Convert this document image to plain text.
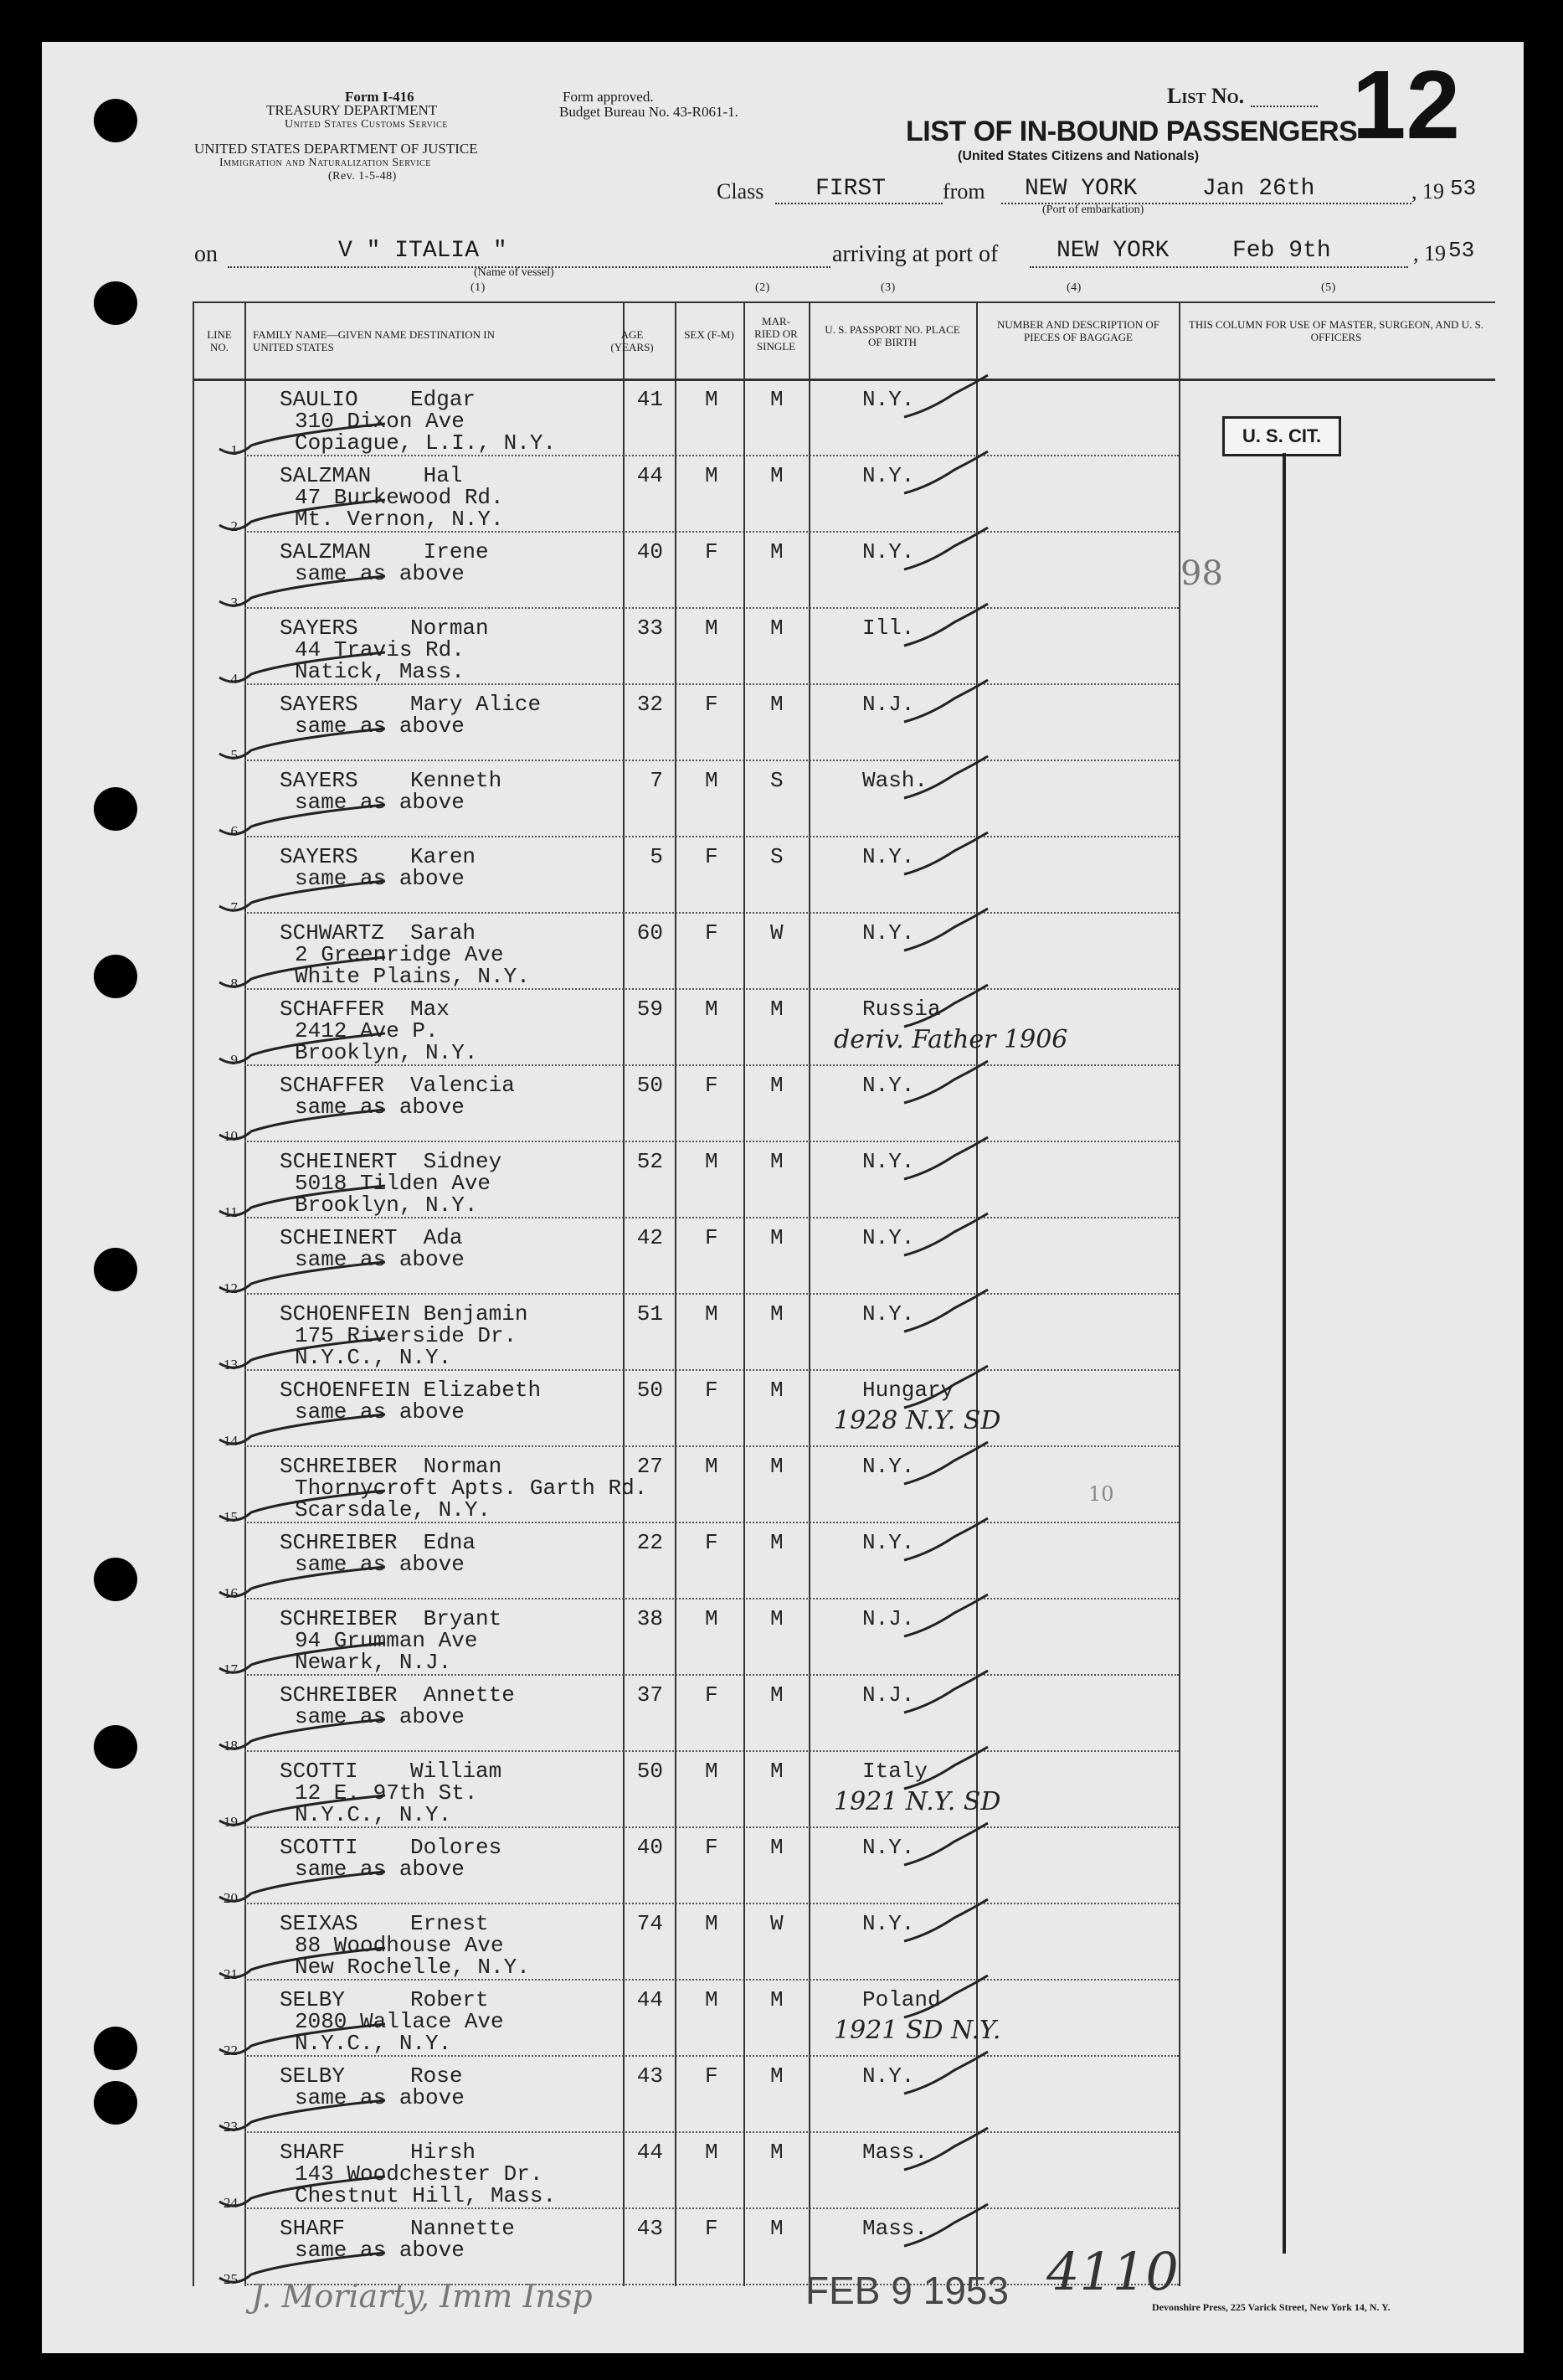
Form I-416
TREASURY DEPARTMENT
United States Customs Service
UNITED STATES DEPARTMENT OF JUSTICE
Immigration and Naturalization Service
(Rev. 1-5-48)
Form approved.
Budget Bureau No. 43-R061-1.
List No. 12
LIST OF IN-BOUND PASSENGERS
(United States Citizens and Nationals)
Class FIRST	from NEW YORK	Jan 26th	, 19 53
(Port of embarkation)
on	V " ITALIA "
(Name of vessel)
arriving at port of NEW YORK	Feb 9th	, 19 53
(1)	(2)	(3)	(4)	(5)
LINE NO.
FAMILY NAME—GIVEN NAME DESTINATION IN UNITED STATES
AGE (YEARS)
SEX (F-M)
MAR- RIED OR SINGLE
U. S. PASSPORT NO. PLACE OF BIRTH
NUMBER AND DESCRIPTION OF PIECES OF BAGGAGE
THIS COLUMN FOR USE OF MASTER, SURGEON, AND U. S. OFFICERS
1
SAULIO    Edgar
310 Dixon Ave
Copiague, L.I., N.Y.
41 M M	N.Y.
2
SALZMAN    Hal
47 Burkewood Rd.
Mt. Vernon, N.Y.
44 M M	N.Y.
3
SALZMAN    Irene
same as above
40 F M	N.Y.
4
SAYERS    Norman
44 Travis Rd.
Natick, Mass.
33 M M	Ill.
5
SAYERS    Mary Alice
same as above
32 F M	N.J.
6
SAYERS    Kenneth
same as above
7 M S	Wash.
7
SAYERS    Karen
same as above
5 F S	N.Y.
8
SCHWARTZ  Sarah
2 Greenridge Ave
White Plains, N.Y.
60 F W	N.Y.
9
SCHAFFER  Max
2412 Ave P.
Brooklyn, N.Y.
59 M M	Russia
deriv. Father 1906
10
SCHAFFER  Valencia
same as above
50 F M	N.Y.
11
SCHEINERT  Sidney
5018 Tilden Ave
Brooklyn, N.Y.
52 M M	N.Y.
12
SCHEINERT  Ada
same as above
42 F M	N.Y.
13
SCHOENFEIN Benjamin
175 Riverside Dr.
N.Y.C., N.Y.
51 M M	N.Y.
14
SCHOENFEIN Elizabeth
same as above
50 F M	Hungary
1928 N.Y. SD
15
SCHREIBER  Norman
Thornycroft Apts. Garth Rd.
Scarsdale, N.Y.
27 M M	N.Y.
16
SCHREIBER  Edna
same as above
22 F M	N.Y.
17
SCHREIBER  Bryant
94 Grumman Ave
Newark, N.J.
38 M M	N.J.
18
SCHREIBER  Annette
same as above
37 F M	N.J.
19
SCOTTI    William
12 E. 97th St.
N.Y.C., N.Y.
50 M M	Italy
1921 N.Y. SD
20
SCOTTI    Dolores
same as above
40 F M	N.Y.
21
SEIXAS    Ernest
88 Woodhouse Ave
New Rochelle, N.Y.
74 M W	N.Y.
22
SELBY     Robert
2080 Wallace Ave
N.Y.C., N.Y.
44 M M	Poland
1921 SD N.Y.
23
SELBY     Rose
same as above
43 F M	N.Y.
24
SHARF     Hirsh
143 Woodchester Dr.
Chestnut Hill, Mass.
44 M M	Mass.
25
SHARF     Nannette
same as above
43 F M	Mass.
U. S. CIT.
98
10
J. Moriarty, Imm Insp	FEB 9 1953 4110
Devonshire Press, 225 Varick Street, New York 14, N. Y.
